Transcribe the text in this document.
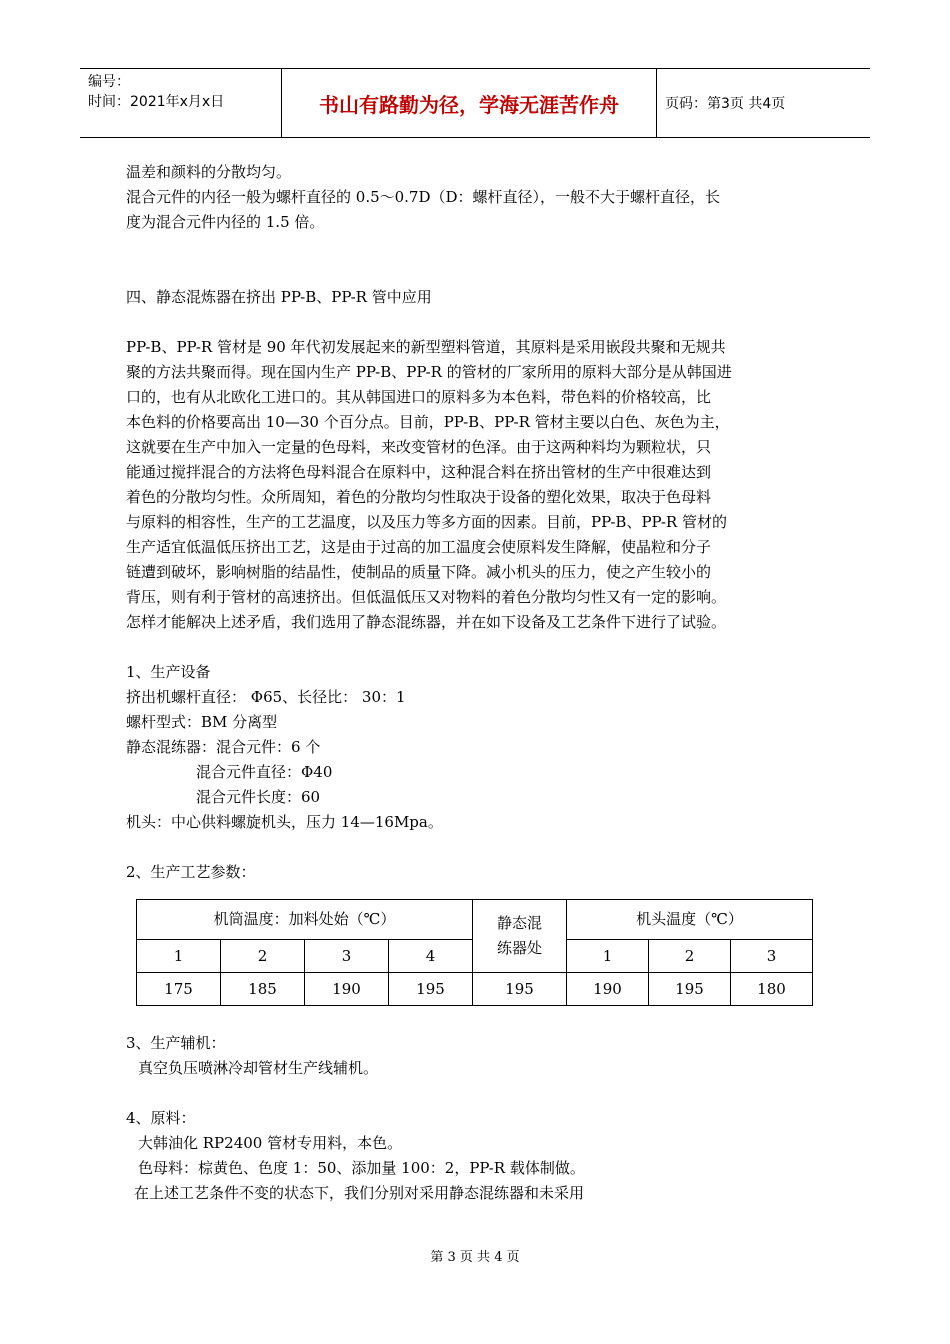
编号：
时间：2021年x月x日	书山有路勤为径，学海无涯苦作舟	页码：第3页 共4页

温差和颜料的分散均匀。

混合元件的内径一般为螺杆直径的 0.5～0.7D（D：螺杆直径），一般不大于螺杆直径，长

度为混合元件内径的 1.5 倍。

四、静态混炼器在挤出 PP-B、PP-R 管中应用

PP-B、PP-R 管材是 90 年代初发展起来的新型塑料管道，其原料是采用嵌段共聚和无规共

聚的方法共聚而得。现在国内生产 PP-B、PP-R 的管材的厂家所用的原料大部分是从韩国进

口的，也有从北欧化工进口的。其从韩国进口的原料多为本色料，带色料的价格较高，比

本色料的价格要高出 10—30 个百分点。目前，PP-B、PP-R 管材主要以白色、灰色为主，

这就要在生产中加入一定量的色母料，来改变管材的色泽。由于这两种料均为颗粒状，只

能通过搅拌混合的方法将色母料混合在原料中，这种混合料在挤出管材的生产中很难达到

着色的分散均匀性。众所周知，着色的分散均匀性取决于设备的塑化效果，取决于色母料

与原料的相容性，生产的工艺温度，以及压力等多方面的因素。目前，PP-B、PP-R 管材的

生产适宜低温低压挤出工艺，这是由于过高的加工温度会使原料发生降解，使晶粒和分子

链遭到破坏，影响树脂的结晶性，使制品的质量下降。减小机头的压力，使之产生较小的

背压，则有利于管材的高速挤出。但低温低压又对物料的着色分散均匀性又有一定的影响。

怎样才能解决上述矛盾，我们选用了静态混练器，并在如下设备及工艺条件下进行了试验。

1、生产设备

挤出机螺杆直径： Φ65、长径比： 30：1

螺杆型式：BM 分离型

静态混练器：混合元件：6 个

混合元件直径：Φ40

混合元件长度：60

机头：中心供料螺旋机头，压力 14—16Mpa。

2、生产工艺参数：

机筒温度：加料处始（℃）				静态混练器处	机头温度（℃）		
1	2	3	4		1	2	3
175	185	190	195	195	190	195	180

3、生产辅机：

真空负压喷淋冷却管材生产线辅机。

4、原料：

大韩油化 RP2400 管材专用料，本色。

色母料：棕黄色、色度 1：50、添加量 100：2，PP-R 载体制做。

在上述工艺条件不变的状态下，我们分别对采用静态混练器和未采用

第 3 页 共 4 页
